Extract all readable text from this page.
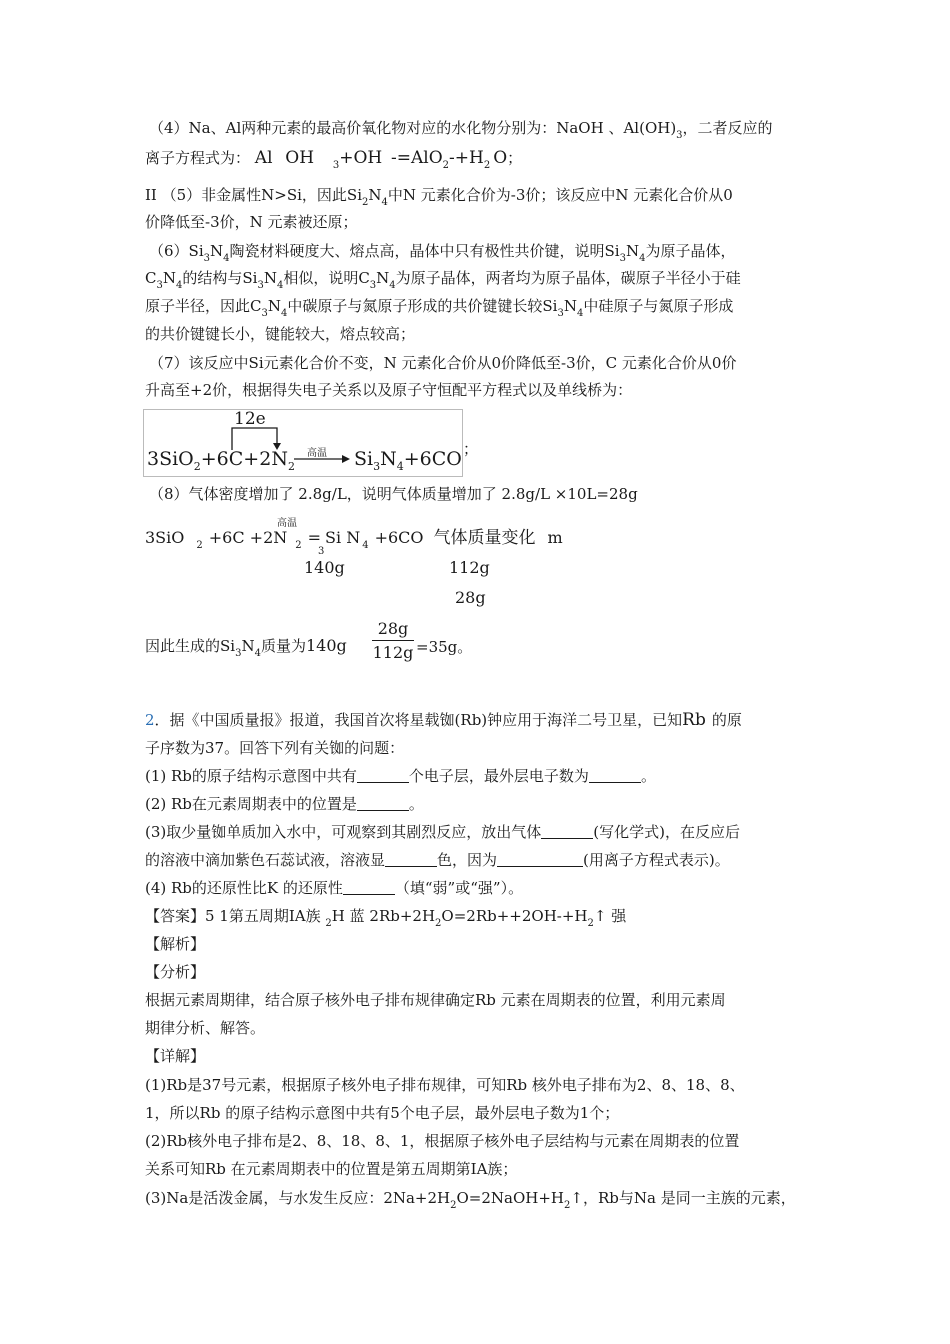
（4）Na、Al两种元素的最高价氧化物对应的水化物分别为：NaOH 、$Al(OH)_3$，二者反应的
离子方程式为： Al OH $_3$+OH $-=AlO_2-+H_2$ O；
II （5）非金属性N>Si，因此$Si_2N_4$中N 元素化合价为-3价；该反应中N 元素化合价从0
价降低至-3价，N 元素被还原；
$(6)Si_3N_4$陶瓷材料硬度大、熔点高，晶体中只有极性共价键，说明$Si_3N_4$为原子晶体，
$C_3N_4$的结构与$Si_3N_4$相似，说明$C_3N_4$为原子晶体，两者均为原子晶体，碳原子半径小于硅
原子半径，因此$C_3N_4$中碳原子与氮原子形成的共价键键长较$Si_3N_4$中硅原子与氮原子形成
的共价键键长小，键能较大，熔点较高；
（7）该反应中Si元素化合价不变，N 元素化合价从0价降低至-3价，C 元素化合价从0价
升高至+2价，根据得失电子关系以及原子守恒配平方程式以及单线桥为：
12e
高温
$3SiO_2+6C+2N_2$	$Si_3N_4+6CO$ ；
（8）气体密度增加了 2.8g/L，说明气体质量增加了 2.8g/L ×10L=28g
高温
3SiO $_2$ +6C +2N $_2$ = Si N $_4$ +6CO 气体质量变化 m
3
140g	112g
28g
因此生成的$Si_3N_4$质量为140g
28g
112g =35g。
2．据《中国质量报》报道，我国首次将星载铷(Rb)钟应用于海洋二号卫星，已知Rb 的原
子序数为37。回答下列有关铷的问题：
(1) Rb的原子结构示意图中共有	个电子层，最外层电子数为	。
(2) Rb在元素周期表中的位置是	。
(3)取少量铷单质加入水中，可观察到其剧烈反应，放出气体	(写化学式)，在反应后
的溶液中滴加紫色石蕊试液，溶液显	色，因为	(用离子方程式表示)。
(4) Rb的还原性比K 的还原性	（填“弱”或“强”）。
【答案】5 1第五周期ⅠA族 $_2$H 蓝 $2Rb+2H_2O=2Rb++2OH-+H_2↑$ 强
【解析】
【分析】
根据元素周期律，结合原子核外电子排布规律确定Rb 元素在周期表的位置，利用元素周
期律分析、解答。
【详解】
(1)Rb是37号元素，根据原子核外电子排布规律，可知Rb 核外电子排布为2、8、18、8、
1，所以Rb 的原子结构示意图中共有5个电子层，最外层电子数为1个；
(2)Rb核外电子排布是2、8、18、8、1，根据原子核外电子层结构与元素在周期表的位置
关系可知Rb 在元素周期表中的位置是第五周期第ⅠA族；
(3)Na是活泼金属，与水发生反应：$2Na+2H_2O=2NaOH+H_2↑$，Rb与Na 是同一主族的元素，
